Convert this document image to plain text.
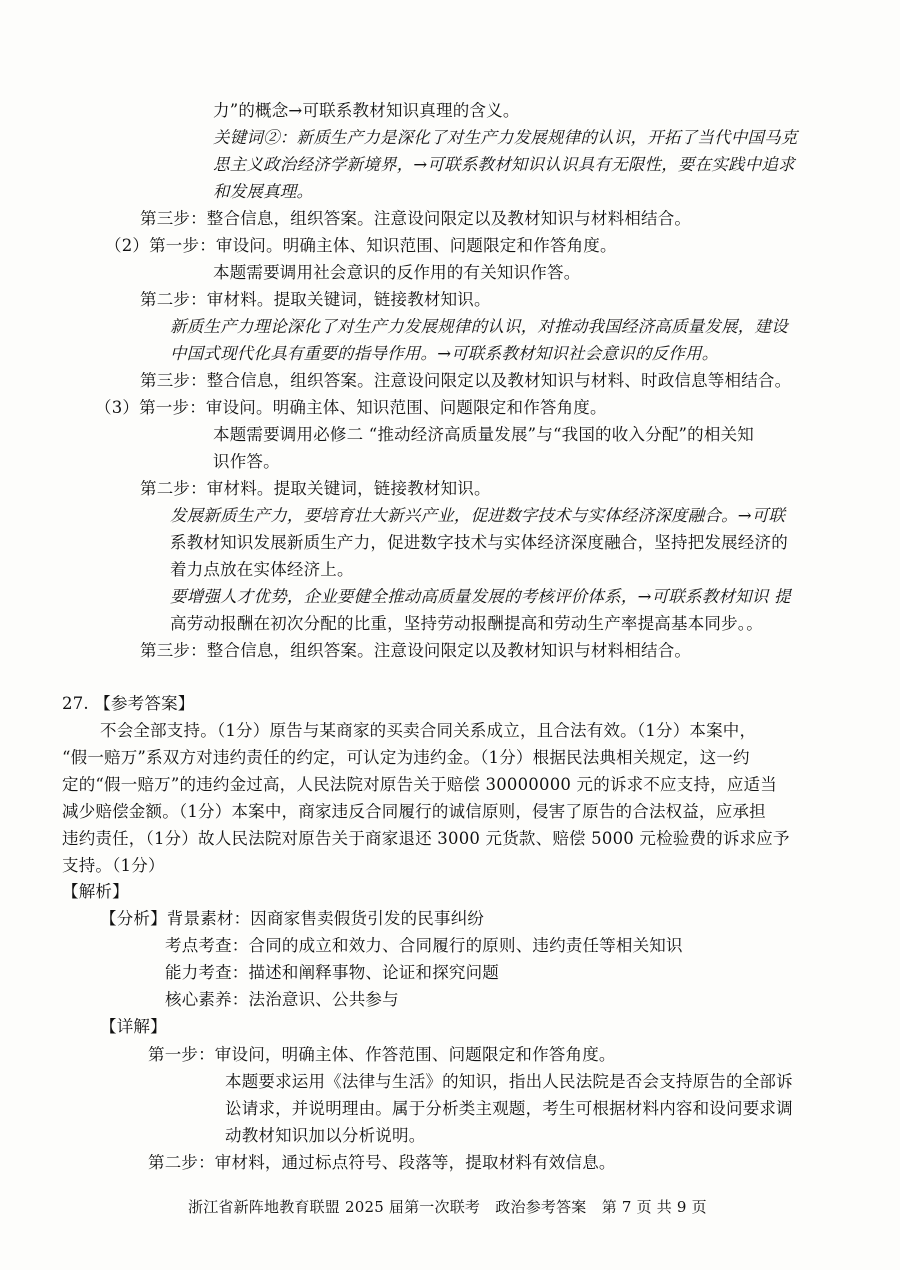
力”的概念→可联系教材知识真理的含义。
关键词②：新质生产力是深化了对生产力发展规律的认识，开拓了当代中国马克
思主义政治经济学新境界，→可联系教材知识认识具有无限性，要在实践中追求
和发展真理。
第三步：整合信息，组织答案。注意设问限定以及教材知识与材料相结合。
（2）第一步：审设问。明确主体、知识范围、问题限定和作答角度。
本题需要调用社会意识的反作用的有关知识作答。
第二步：审材料。提取关键词，链接教材知识。
新质生产力理论深化了对生产力发展规律的认识，对推动我国经济高质量发展，建设
中国式现代化具有重要的指导作用。→可联系教材知识社会意识的反作用。
第三步：整合信息，组织答案。注意设问限定以及教材知识与材料、时政信息等相结合。
（3）第一步：审设问。明确主体、知识范围、问题限定和作答角度。
本题需要调用必修二 “推动经济高质量发展”与“我国的收入分配”的相关知
识作答。
第二步：审材料。提取关键词，链接教材知识。
发展新质生产力，要培育壮大新兴产业，促进数字技术与实体经济深度融合。→可联
系教材知识发展新质生产力，促进数字技术与实体经济深度融合，坚持把发展经济的
着力点放在实体经济上。
要增强人才优势，企业要健全推动高质量发展的考核评价体系，→可联系教材知识 提
高劳动报酬在初次分配的比重，坚持劳动报酬提高和劳动生产率提高基本同步。。
第三步：整合信息，组织答案。注意设问限定以及教材知识与材料相结合。
27. 【参考答案】
不会全部支持。（1分）原告与某商家的买卖合同关系成立，且合法有效。（1分）本案中，
“假一赔万”系双方对违约责任的约定，可认定为违约金。（1分）根据民法典相关规定，这一约
定的“假一赔万”的违约金过高，人民法院对原告关于赔偿 30000000 元的诉求不应支持，应适当
减少赔偿金额。（1分）本案中，商家违反合同履行的诚信原则，侵害了原告的合法权益，应承担
违约责任，（1分）故人民法院对原告关于商家退还 3000 元货款、赔偿 5000 元检验费的诉求应予
支持。（1分）
【解析】
【分析】背景素材：因商家售卖假货引发的民事纠纷
考点考查：合同的成立和效力、合同履行的原则、违约责任等相关知识
能力考查：描述和阐释事物、论证和探究问题
核心素养：法治意识、公共参与
【详解】
第一步：审设问，明确主体、作答范围、问题限定和作答角度。
本题要求运用《法律与生活》的知识，指出人民法院是否会支持原告的全部诉
讼请求，并说明理由。属于分析类主观题，考生可根据材料内容和设问要求调
动教材知识加以分析说明。
第二步：审材料，通过标点符号、段落等，提取材料有效信息。
浙江省新阵地教育联盟 2025 届第一次联考　政治参考答案　第 7 页 共 9 页
